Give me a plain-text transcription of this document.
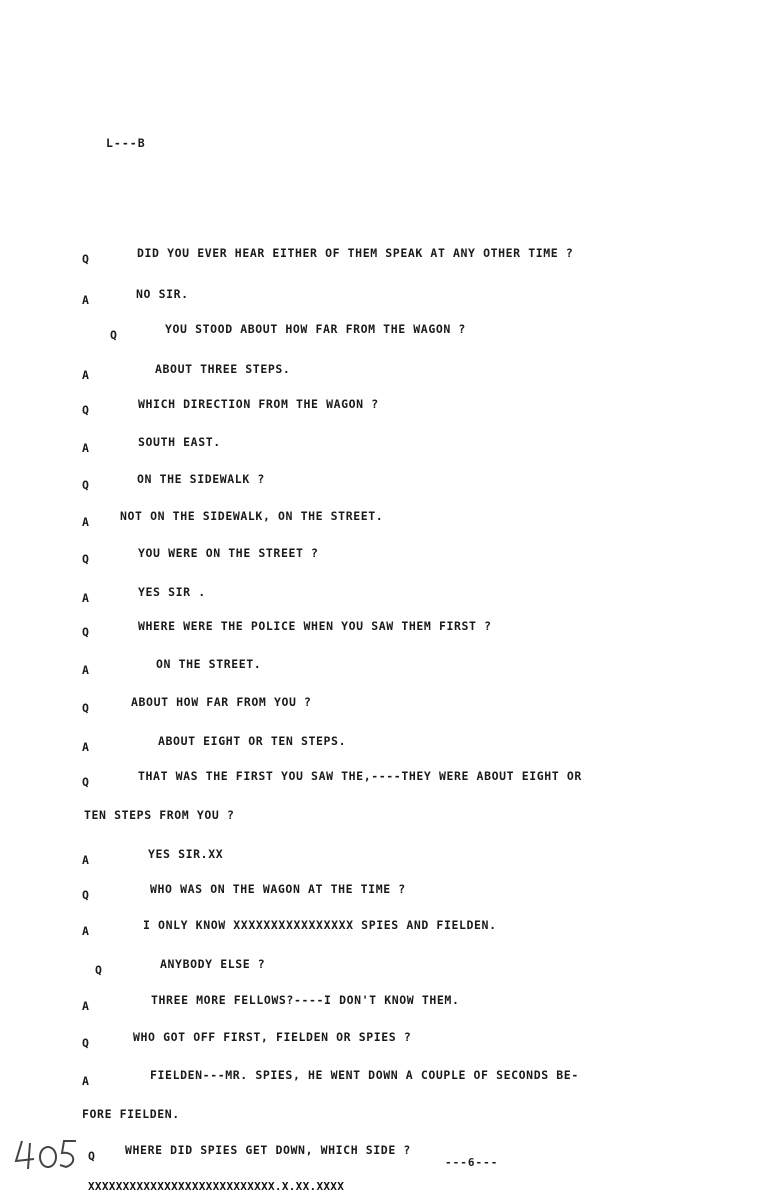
L---B
Q	DID YOU EVER HEAR EITHER OF THEM SPEAK AT ANY OTHER TIME ?
A	NO SIR.
Q	YOU STOOD ABOUT HOW FAR FROM THE WAGON ?
A	ABOUT THREE STEPS.
Q	WHICH DIRECTION FROM THE WAGON ?
A	SOUTH EAST.
Q	ON THE SIDEWALK ?
A	NOT ON THE SIDEWALK, ON THE STREET.
Q	YOU WERE ON THE STREET ?
A	YES SIR .
Q	WHERE WERE THE POLICE WHEN YOU SAW THEM FIRST ?
A	ON THE STREET.
Q	ABOUT HOW FAR FROM YOU ?
A	ABOUT EIGHT OR TEN STEPS.
Q	THAT WAS THE FIRST YOU SAW THE,----THEY WERE ABOUT EIGHT OR
TEN STEPS FROM YOU ?
A	YES SIR.XX
Q	WHO WAS ON THE WAGON AT THE TIME ?
A	I ONLY KNOW XXXXXXXXXXXXXXXX SPIES AND FIELDEN.
Q	ANYBODY ELSE ?
A	THREE MORE FELLOWS?----I DON'T KNOW THEM.
Q	WHO GOT OFF FIRST, FIELDEN OR SPIES ?
A	FIELDEN---MR. SPIES, HE WENT DOWN A COUPLE OF SECONDS BE-
FORE FIELDEN.
Q	WHERE DID SPIES GET DOWN, WHICH SIDE ?
---6---
XXXXXXXXXXXXXXXXXXXXXXXXXXX.X.XX.XXXX
